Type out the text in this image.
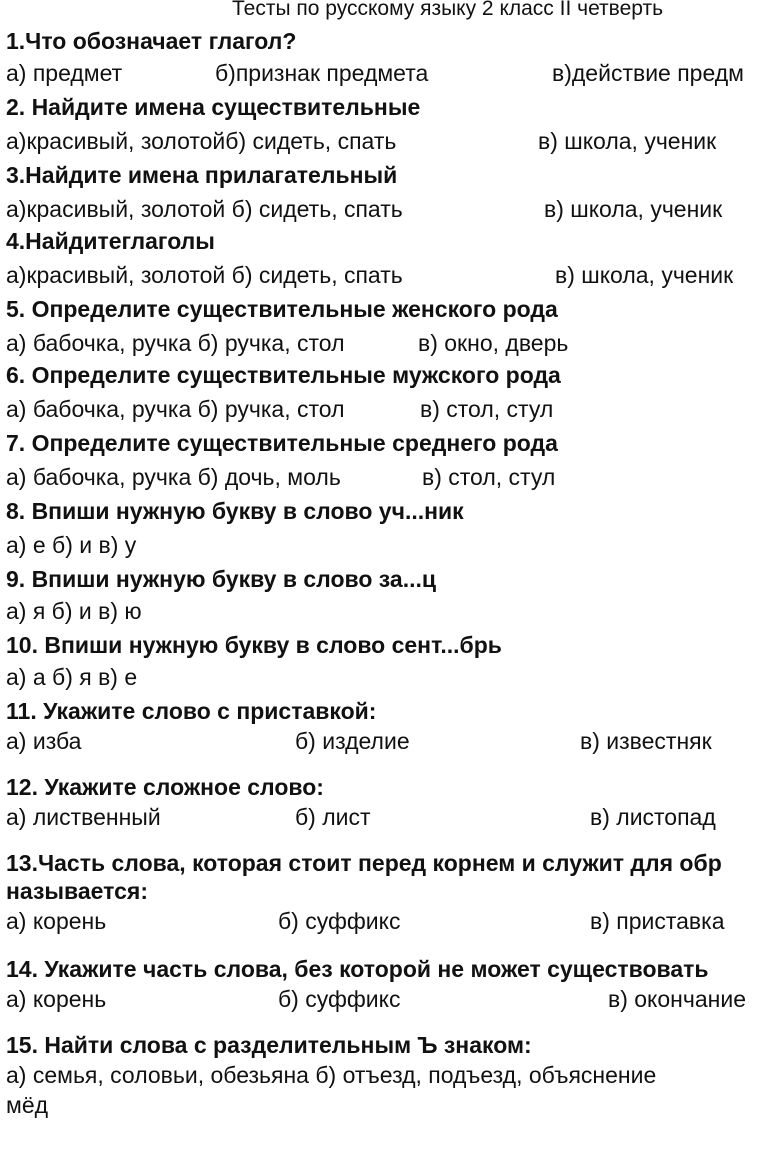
Тесты по русскому языку 2 класс II четверть
1.Что обозначает глагол?
а) предмет	б)признак предмета	в)действие предм
2. Найдите имена существительные
а)красивый, золотойб) сидеть, спать	в) школа, ученик
3.Найдите имена прилагательный
а)красивый, золотой б) сидеть, спать	в) школа, ученик
4.Найдитеглаголы
а)красивый, золотой б) сидеть, спать	в) школа, ученик
5. Определите существительные женского рода
а) бабочка, ручка б) ручка, стол	в) окно, дверь
6. Определите существительные мужского рода
а) бабочка, ручка б) ручка, стол	в) стол, стул
7. Определите существительные среднего рода
а) бабочка, ручка б) дочь, моль	в) стол, стул
8. Впиши нужную букву в слово уч...ник
а) е б) и в) у
9. Впиши нужную букву в слово за...ц
а) я б) и в) ю
10. Впиши нужную букву в слово сент...брь
а) а б) я в) е
11. Укажите слово с приставкой:
а) изба	б) изделие	в) известняк
12. Укажите сложное слово:
а) лиственный	б) лист	в) листопад
13.Часть слова, которая стоит перед корнем и служит для обр
называется:
а) корень	б) суффикс	в) приставка
14. Укажите часть слова, без которой не может существовать
а) корень	б) суффикс	в) окончание
15. Найти слова с разделительным Ъ знаком:
а) семья, соловьи, обезьяна б) отъезд, подъезд, объяснение
мёд
